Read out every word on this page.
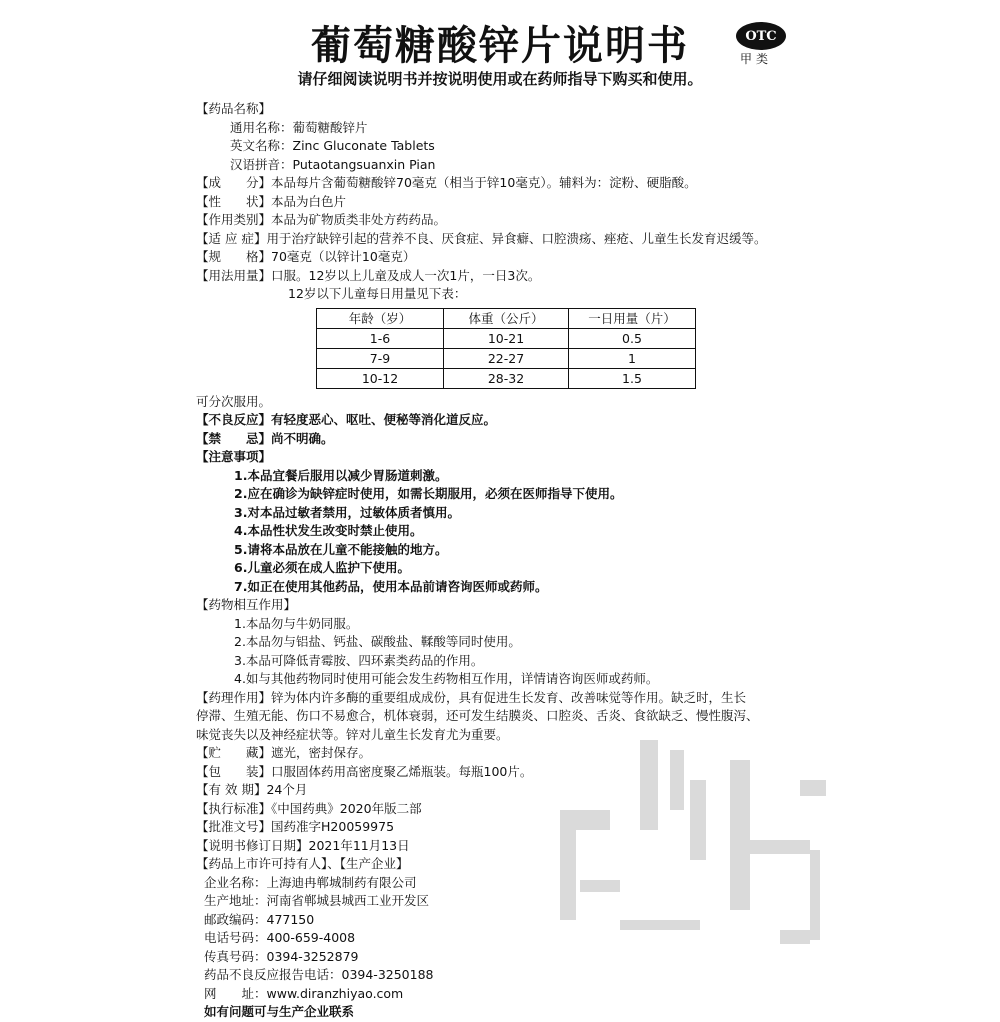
葡萄糖酸锌片说明书	OTC
甲类
请仔细阅读说明书并按说明使用或在药师指导下购买和使用。
【药品名称】
通用名称：葡萄糖酸锌片
英文名称：Zinc Gluconate Tablets
汉语拼音：Putaotangsuanxin Pian
【成　　分】本品每片含葡萄糖酸锌70毫克（相当于锌10毫克）。辅料为：淀粉、硬脂酸。
【性　　状】本品为白色片
【作用类别】本品为矿物质类非处方药药品。
【适 应 症】用于治疗缺锌引起的营养不良、厌食症、异食癖、口腔溃疡、痤疮、儿童生长发育迟缓等。
【规　　格】70毫克（以锌计10毫克）
【用法用量】口服。12岁以上儿童及成人一次1片，一日3次。
12岁以下儿童每日用量见下表：
年龄（岁）	体重（公斤）	一日用量（片）
1-6	10-21	0.5
7-9	22-27	1
10-12	28-32	1.5
可分次服用。
【不良反应】有轻度恶心、呕吐、便秘等消化道反应。
【禁　　忌】尚不明确。
【注意事项】
1.本品宜餐后服用以减少胃肠道刺激。
2.应在确诊为缺锌症时使用，如需长期服用，必须在医师指导下使用。
3.对本品过敏者禁用，过敏体质者慎用。
4.本品性状发生改变时禁止使用。
5.请将本品放在儿童不能接触的地方。
6.儿童必须在成人监护下使用。
7.如正在使用其他药品，使用本品前请咨询医师或药师。
【药物相互作用】
1.本品勿与牛奶同服。
2.本品勿与铝盐、钙盐、碳酸盐、鞣酸等同时使用。
3.本品可降低青霉胺、四环素类药品的作用。
4.如与其他药物同时使用可能会发生药物相互作用，详情请咨询医师或药师。
【药理作用】锌为体内许多酶的重要组成成份，具有促进生长发育、改善味觉等作用。缺乏时，生长
停滞、生殖无能、伤口不易愈合，机体衰弱，还可发生结膜炎、口腔炎、舌炎、食欲缺乏、慢性腹泻、
味觉丧失以及神经症状等。锌对儿童生长发育尤为重要。
【贮　　藏】遮光，密封保存。
【包　　装】口服固体药用高密度聚乙烯瓶装。每瓶100片。
【有 效 期】24个月
【执行标准】《中国药典》2020年版二部
【批准文号】国药准字H20059975
【说明书修订日期】2021年11月13日
【药品上市许可持有人】、【生产企业】
企业名称：上海迪冉郸城制药有限公司
生产地址：河南省郸城县城西工业开发区
邮政编码：477150
电话号码：400-659-4008
传真号码：0394-3252879
药品不良反应报告电话：0394-3250188
网　　址：www.diranzhiyao.com
如有问题可与生产企业联系
